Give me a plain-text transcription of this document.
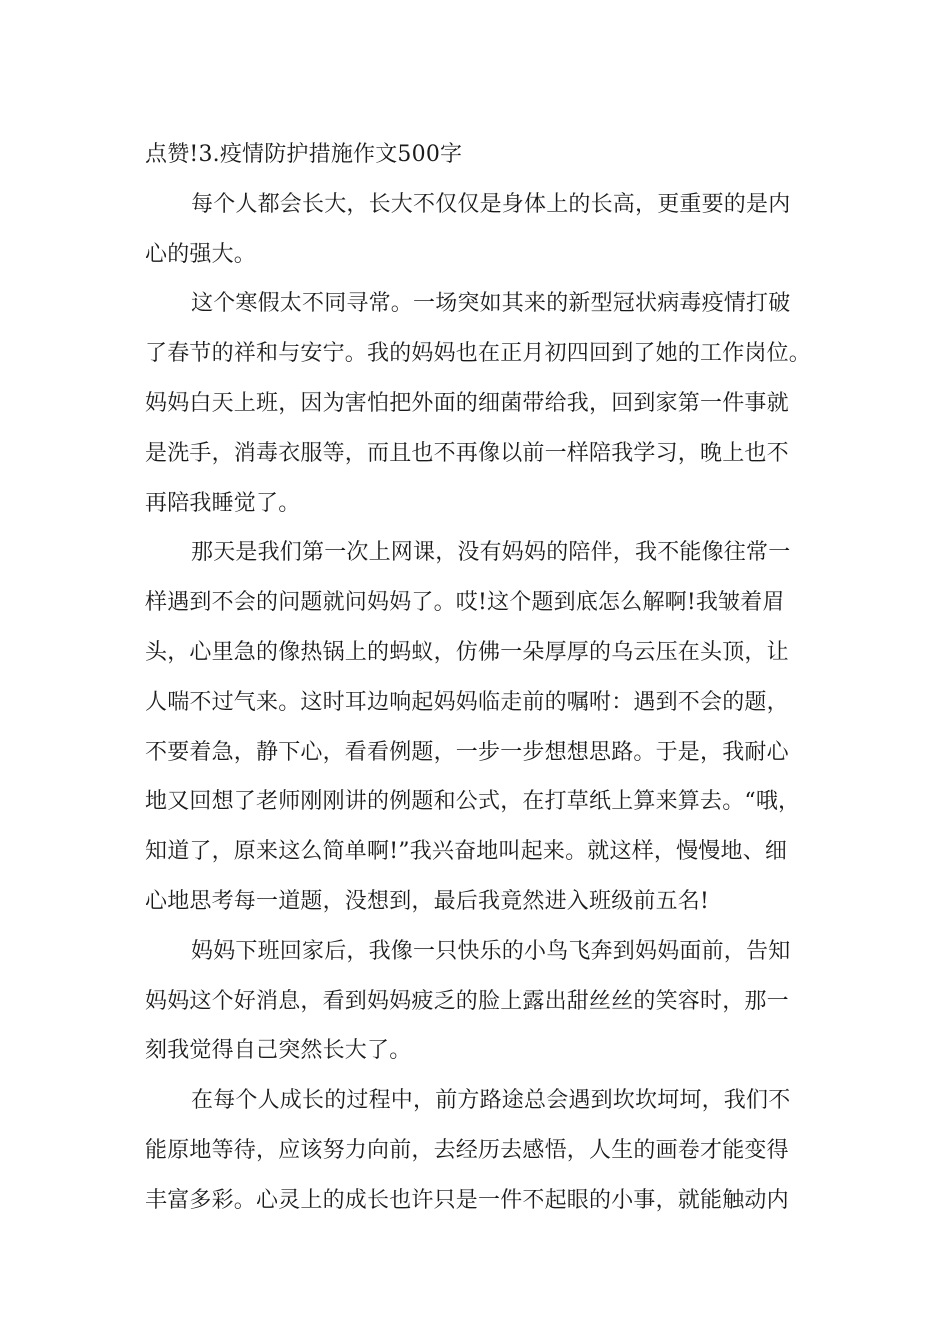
点赞!3.疫情防护措施作文500字
每个人都会长大，长大不仅仅是身体上的长高，更重要的是内
心的强大。
这个寒假太不同寻常。一场突如其来的新型冠状病毒疫情打破
了春节的祥和与安宁。我的妈妈也在正月初四回到了她的工作岗位。
妈妈白天上班，因为害怕把外面的细菌带给我，回到家第一件事就
是洗手，消毒衣服等，而且也不再像以前一样陪我学习，晚上也不
再陪我睡觉了。
那天是我们第一次上网课，没有妈妈的陪伴，我不能像往常一
样遇到不会的问题就问妈妈了。哎!这个题到底怎么解啊!我皱着眉
头，心里急的像热锅上的蚂蚁，仿佛一朵厚厚的乌云压在头顶，让
人喘不过气来。这时耳边响起妈妈临走前的嘱咐：遇到不会的题，
不要着急，静下心，看看例题，一步一步想想思路。于是，我耐心
地又回想了老师刚刚讲的例题和公式，在打草纸上算来算去。“哦，
知道了，原来这么简单啊!”我兴奋地叫起来。就这样，慢慢地、细
心地思考每一道题，没想到，最后我竟然进入班级前五名!
妈妈下班回家后，我像一只快乐的小鸟飞奔到妈妈面前，告知
妈妈这个好消息，看到妈妈疲乏的脸上露出甜丝丝的笑容时，那一
刻我觉得自己突然长大了。
在每个人成长的过程中，前方路途总会遇到坎坎坷坷，我们不
能原地等待，应该努力向前，去经历去感悟，人生的画卷才能变得
丰富多彩。心灵上的成长也许只是一件不起眼的小事，就能触动内
